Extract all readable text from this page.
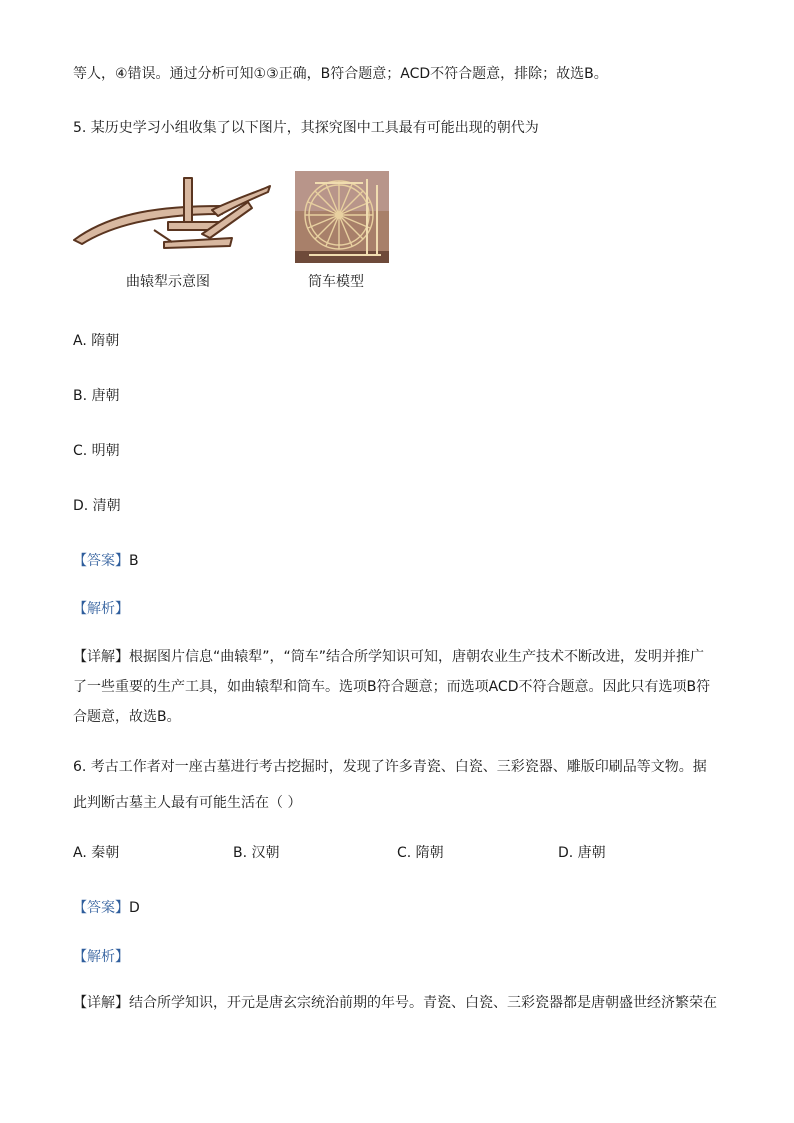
等人，④错误。通过分析可知①③正确，B符合题意；ACD不符合题意，排除；故选B。
5. 某历史学习小组收集了以下图片，其探究图中工具最有可能出现的朝代为
曲辕犁示意图	筒车模型
A. 隋朝
B. 唐朝
C. 明朝
D. 清朝
【答案】B
【解析】
【详解】根据图片信息“曲辕犁”，“筒车”结合所学知识可知，唐朝农业生产技术不断改进，发明并推广
了一些重要的生产工具，如曲辕犁和筒车。选项B符合题意；而选项ACD不符合题意。因此只有选项B符
合题意，故选B。
6. 考古工作者对一座古墓进行考古挖掘时，发现了许多青瓷、白瓷、三彩瓷器、雕版印刷品等文物。据
此判断古墓主人最有可能生活在（ ）
A. 秦朝	B. 汉朝	C. 隋朝	D. 唐朝
【答案】D
【解析】
【详解】结合所学知识，开元是唐玄宗统治前期的年号。青瓷、白瓷、三彩瓷器都是唐朝盛世经济繁荣在
